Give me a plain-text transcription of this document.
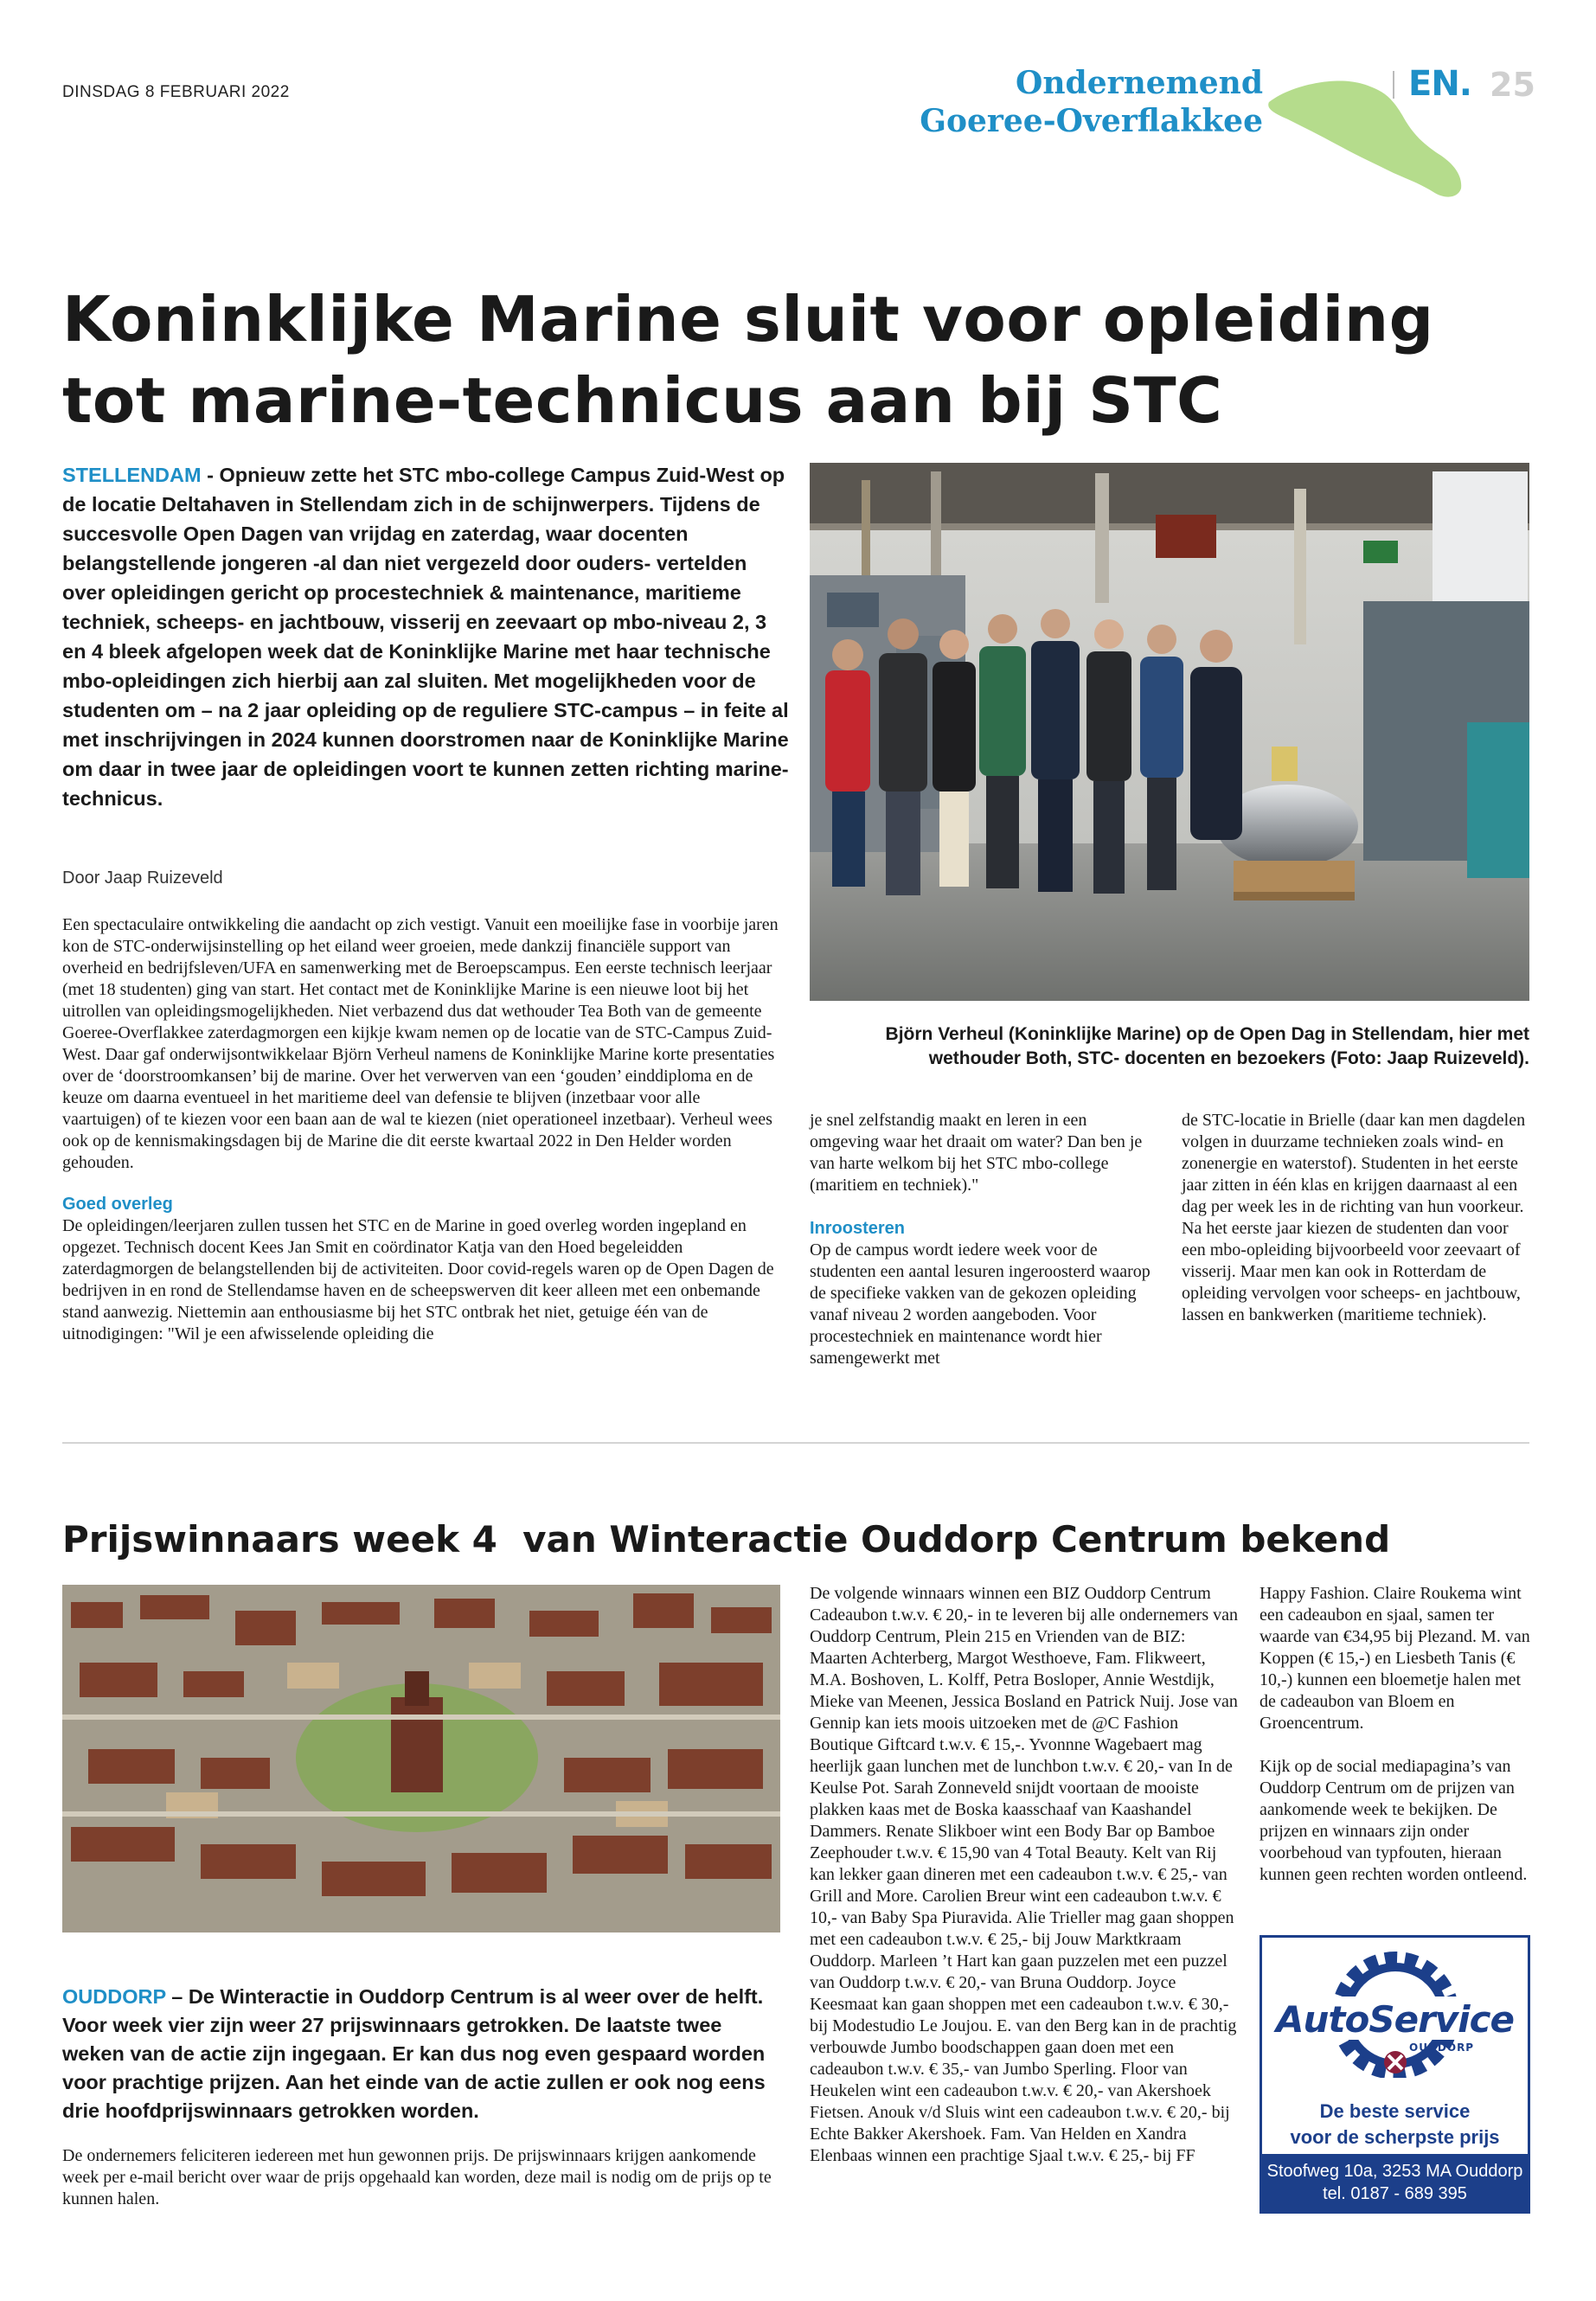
DINSDAG 8 FEBRUARI 2022	Ondernemend
Goeree-Overflakkee
EN. 25
Koninklijke Marine sluit voor opleiding
tot marine-technicus aan bij STC
STELLENDAM - Opnieuw zette het STC mbo-college Campus Zuid-West op de locatie Deltahaven in Stellendam zich in de schijnwerpers. Tijdens de succesvolle Open Dagen van vrijdag en zaterdag, waar docenten belangstellende jongeren -al dan niet vergezeld door ouders- vertelden over opleidingen gericht op procestechniek & maintenance, maritieme techniek, scheeps- en jachtbouw, visserij en zeevaart op mbo-niveau 2, 3 en 4 bleek afgelopen week dat de Koninklijke Marine met haar technische mbo-opleidingen zich hierbij aan zal sluiten. Met mogelijkheden voor de studenten om – na 2 jaar opleiding op de reguliere STC-campus – in feite al met inschrijvingen in 2024 kunnen doorstromen naar de Koninklijke Marine om daar in twee jaar de opleidingen voort te kunnen zetten richting marine-technicus.
Door Jaap Ruizeveld

Een spectaculaire ontwikkeling die aandacht op zich vestigt. Vanuit een moeilijke fase in voorbije jaren kon de STC-onderwijsinstelling op het eiland weer groeien, mede dankzij financiële support van overheid en bedrijfsleven/UFA en samenwerking met de Beroepscampus. Een eerste technisch leerjaar (met 18 studenten) ging van start. Het contact met de Koninklijke Marine is een nieuwe loot bij het uitrollen van opleidingsmogelijkheden. Niet verbazend dus dat wethouder Tea Both van de gemeente Goeree-Overflakkee zaterdagmorgen een kijkje kwam nemen op de locatie van de STC-Campus Zuid-West. Daar gaf onderwijsontwikkelaar Björn Verheul namens de Koninklijke Marine korte presentaties over de ‘doorstroomkansen’ bij de marine. Over het verwerven van een ‘gouden’ einddiploma en de keuze om daarna eventueel in het maritieme deel van defensie te blijven (inzetbaar voor alle vaartuigen) of te kiezen voor een baan aan de wal te kiezen (niet operationeel inzetbaar). Verheul wees ook op de kennismakingsdagen bij de Marine die dit eerste kwartaal 2022 in Den Helder worden gehouden.

Goed overleg

De opleidingen/leerjaren zullen tussen het STC en de Marine in goed overleg worden ingepland en opgezet. Technisch docent Kees Jan Smit en coördinator Katja van den Hoed begeleidden zaterdagmorgen de belangstellenden bij de activiteiten. Door covid-regels waren op de Open Dagen de bedrijven in en rond de Stellendamse haven en de scheepswerven dit keer alleen met een onbemande stand aanwezig. Niettemin aan enthousiasme bij het STC ontbrak het niet, getuige één van de uitnodigingen: "Wil je een afwisselende opleiding die

Björn Verheul (Koninklijke Marine) op de Open Dag in Stellendam, hier met
wethouder Both, STC- docenten en bezoekers (Foto: Jaap Ruizeveld).

je snel zelfstandig maakt en leren in een omgeving waar het draait om water? Dan ben je van harte welkom bij het STC mbo-college (maritiem en techniek)."

Inroosteren

Op de campus wordt iedere week voor de studenten een aantal lesuren ingeroosterd waarop de specifieke vakken van de gekozen opleiding vanaf niveau 2 worden aangeboden. Voor procestechniek en maintenance wordt hier samengewerkt met

de STC-locatie in Brielle (daar kan men dagdelen volgen in duurzame technieken zoals wind- en zonenergie en waterstof). Studenten in het eerste jaar zitten in één klas en krijgen daarnaast al een dag per week les in de richting van hun voorkeur. Na het eerste jaar kiezen de studenten dan voor een mbo-opleiding bijvoorbeeld voor zeevaart of visserij. Maar men kan ook in Rotterdam de opleiding vervolgen voor scheeps- en jachtbouw, lassen en bankwerken (maritieme techniek).

Prijswinnaars week 4  van Winteractie Ouddorp Centrum bekend
OUDDORP – De Winteractie in Ouddorp Centrum is al weer over de helft. Voor week vier zijn weer 27 prijswinnaars getrokken. De laatste twee weken van de actie zijn ingegaan. Er kan dus nog even gespaard worden voor prachtige prijzen. Aan het einde van de actie zullen er ook nog eens drie hoofdprijswinnaars getrokken worden.

De ondernemers feliciteren iedereen met hun gewonnen prijs. De prijswinnaars krijgen aankomende week per e-mail bericht over waar de prijs opgehaald kan worden, deze mail is nodig om de prijs op te kunnen halen.

De volgende winnaars winnen een BIZ Ouddorp Centrum Cadeaubon t.w.v. € 20,- in te leveren bij alle ondernemers van Ouddorp Centrum, Plein 215 en Vrienden van de BIZ: Maarten Achterberg, Margot Westhoeve, Fam. Flikweert, M.A. Boshoven, L. Kolff, Petra Bosloper, Annie Westdijk, Mieke van Meenen, Jessica Bosland en Patrick Nuij. Jose van Gennip kan iets moois uitzoeken met de @C Fashion Boutique Giftcard t.w.v. € 15,-. Yvonnne Wagebaert mag heerlijk gaan lunchen met de lunchbon t.w.v. € 20,- van In de Keulse Pot. Sarah Zonneveld snijdt voortaan de mooiste plakken kaas met de Boska kaasschaaf van Kaashandel Dammers. Renate Slikboer wint een Body Bar op Bamboe Zeephouder t.w.v. € 15,90 van 4 Total Beauty. Kelt van Rij kan lekker gaan dineren met een cadeaubon t.w.v. € 25,- van Grill and More. Carolien Breur wint een cadeaubon t.w.v. € 10,- van Baby Spa Piuravida. Alie Trieller mag gaan shoppen met een cadeaubon t.w.v. € 25,- bij Jouw Marktkraam Ouddorp. Marleen ’t Hart kan gaan puzzelen met een puzzel van Ouddorp t.w.v. € 20,- van Bruna Ouddorp. Joyce Keesmaat kan gaan shoppen met een cadeaubon t.w.v. € 30,- bij Modestudio Le Joujou. E. van den Berg kan in de prachtig verbouwde Jumbo boodschappen gaan doen met een cadeaubon t.w.v. € 35,- van Jumbo Sperling. Floor van Heukelen wint een cadeaubon t.w.v. € 20,- van Akershoek Fietsen. Anouk v/d Sluis wint een cadeaubon t.w.v. € 20,- bij Echte Bakker Akershoek. Fam. Van Helden en Xandra Elenbaas winnen een prachtige Sjaal t.w.v. € 25,- bij FF

Happy Fashion. Claire Roukema wint een cadeaubon en sjaal, samen ter waarde van €34,95 bij Plezand. M. van Koppen (€ 15,-) en Liesbeth Tanis (€ 10,-) kunnen een bloemetje halen met de cadeaubon van Bloem en Groencentrum.

Kijk op de social mediapagina’s van Ouddorp Centrum om de prijzen van aankomende week te bekijken. De prijzen en winnaars zijn onder voorbehoud van typfouten, hieraan kunnen geen rechten worden ontleend.

AutoService
OUDDORP
De beste service
voor de scherpste prijs
Stoofweg 10a, 3253 MA Ouddorp
tel. 0187 - 689 395
